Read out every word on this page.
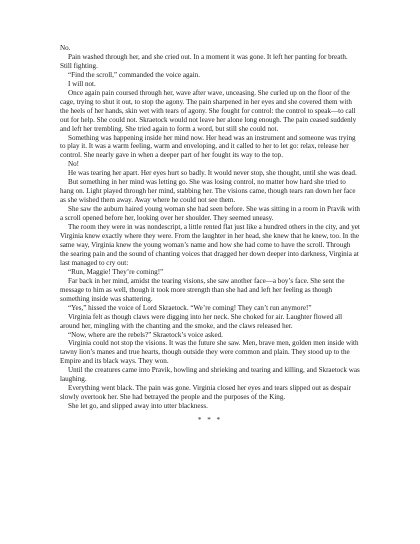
No.

Pain washed through her, and she cried out. In a moment it was gone. It left her panting for breath. Still fighting.

“Find the scroll,” commanded the voice again.

I will not.

Once again pain coursed through her, wave after wave, unceasing. She curled up on the floor of the cage, trying to shut it out, to stop the agony. The pain sharpened in her eyes and she covered them with the heels of her hands, skin wet with tears of agony. She fought for control: the control to speak—to call out for help. She could not. Skraetock would not leave her alone long enough. The pain ceased suddenly and left her trembling. She tried again to form a word, but still she could not.

Something was happening inside her mind now. Her head was an instrument and someone was trying to play it. It was a warm feeling, warm and enveloping, and it called to her to let go: relax, release her control. She nearly gave in when a deeper part of her fought its way to the top.

No!

He was tearing her apart. Her eyes hurt so badly. It would never stop, she thought, until she was dead.

But something in her mind was letting go. She was losing control, no matter how hard she tried to hang on. Light played through her mind, stabbing her. The visions came, though tears ran down her face as she wished them away. Away where he could not see them.

She saw the auburn haired young woman she had seen before. She was sitting in a room in Pravik with a scroll opened before her, looking over her shoulder. They seemed uneasy.

The room they were in was nondescript, a little rented flat just like a hundred others in the city, and yet Virginia knew exactly where they were. From the laughter in her head, she knew that he knew, too. In the same way, Virginia knew the young woman’s name and how she had come to have the scroll. Through the searing pain and the sound of chanting voices that dragged her down deeper into darkness, Virginia at last managed to cry out:

“Run, Maggie! They’re coming!”

Far back in her mind, amidst the tearing visions, she saw another face—a boy’s face. She sent the message to him as well, though it took more strength than she had and left her feeling as though something inside was shattering.

“Yes,” hissed the voice of Lord Skraetock. “We’re coming! They can’t run anymore!”

Virginia felt as though claws were digging into her neck. She choked for air. Laughter flowed all around her, mingling with the chanting and the smoke, and the claws released her.

“Now, where are the rebels?” Skraetock’s voice asked.

Virginia could not stop the visions. It was the future she saw. Men, brave men, golden men inside with tawny lion’s manes and true hearts, though outside they were common and plain. They stood up to the Empire and its black ways. They won.

Until the creatures came into Pravik, howling and shrieking and tearing and killing, and Skraetock was laughing.

Everything went black. The pain was gone. Virginia closed her eyes and tears slipped out as despair slowly overtook her. She had betrayed the people and the purposes of the King.

She let go, and slipped away into utter blackness.

* * *
